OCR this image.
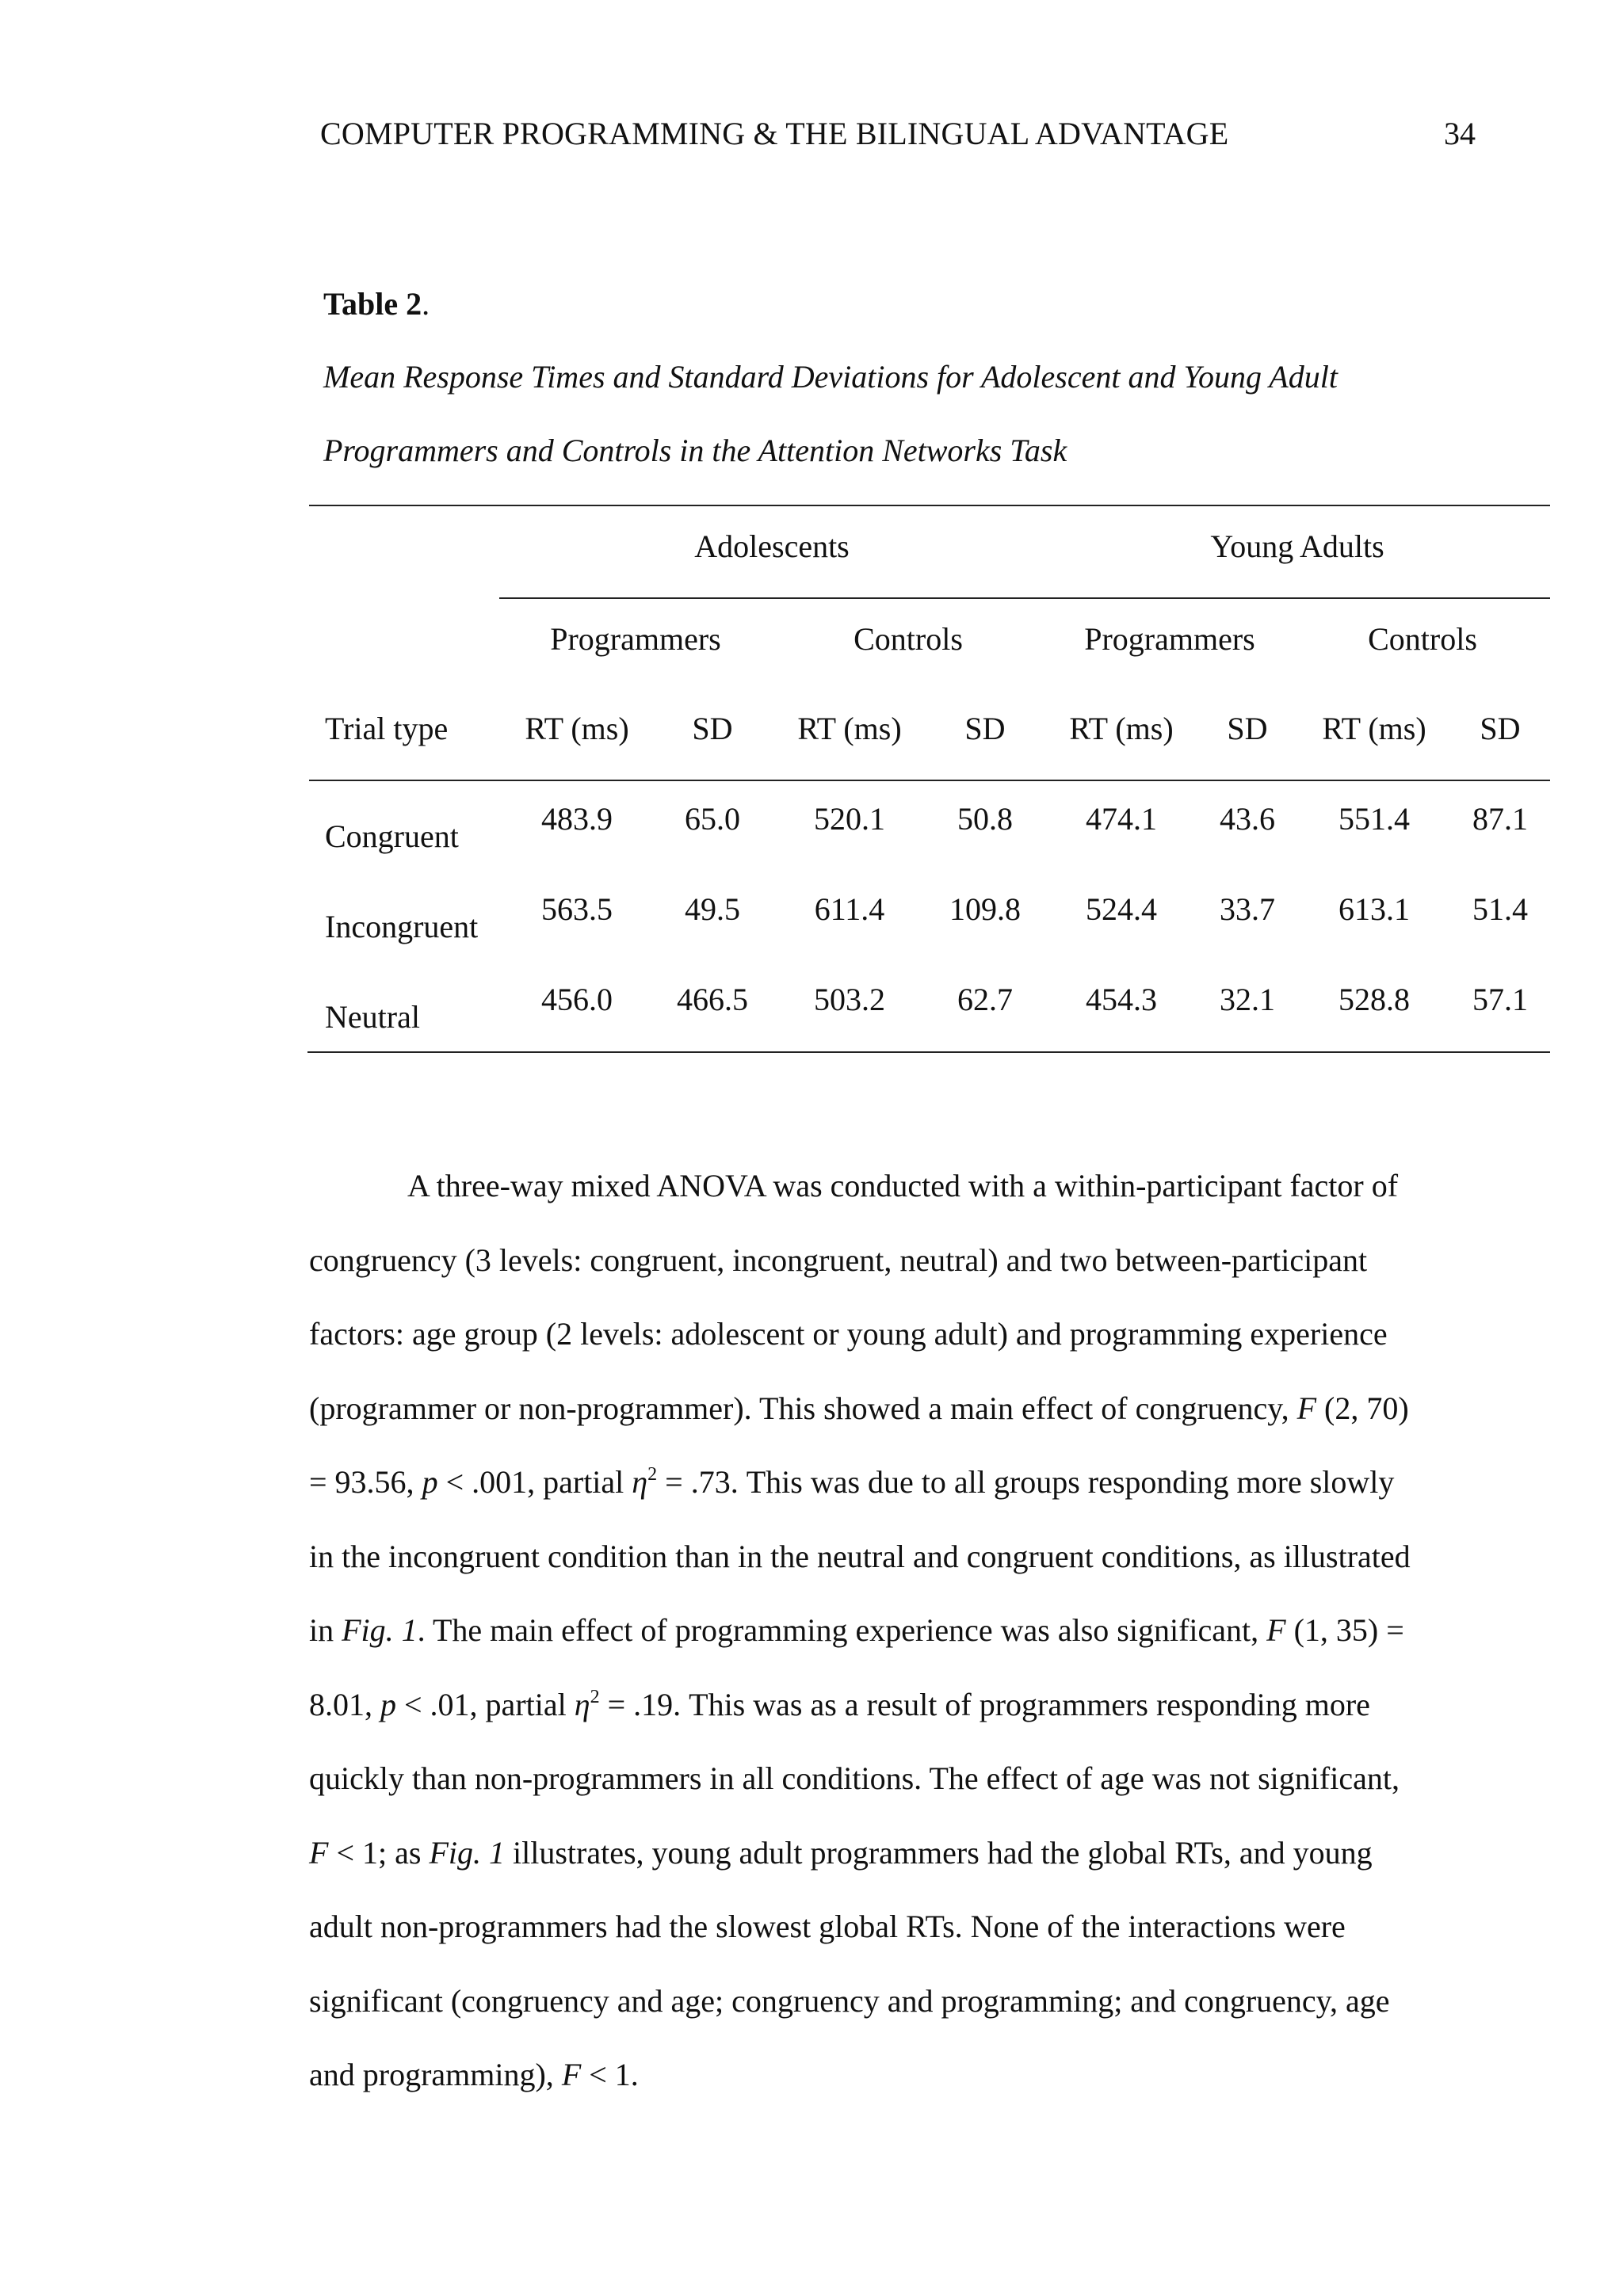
COMPUTER PROGRAMMING & THE BILINGUAL ADVANTAGE	34
Table 2.
Mean Response Times and Standard Deviations for Adolescent and Young Adult
Programmers and Controls in the Attention Networks Task
Adolescents	Young Adults
Programmers	Controls	Programmers	Controls
Trial type RT (ms) SD RT (ms) SD RT (ms) SD RT (ms) SD
Congruent	483.9 65.0 520.1 50.8 474.1 43.6 551.4 87.1
Incongruent 563.5 49.5 611.4 109.8 524.4 33.7 613.1 51.4
Neutral	456.0 466.5 503.2 62.7 454.3 32.1 528.8 57.1
A three-way mixed ANOVA was conducted with a within-participant factor of
congruency (3 levels: congruent, incongruent, neutral) and two between-participant
factors: age group (2 levels: adolescent or young adult) and programming experience
(programmer or non-programmer). This showed a main effect of congruency, F (2, 70)
= 93.56, p < .001, partial $\eta^2 = .73$. This was due to all groups responding more slowly
in the incongruent condition than in the neutral and congruent conditions, as illustrated
in Fig. 1. The main effect of programming experience was also significant, F (1, 35) =
8.01, p < .01, partial $\eta^2 = .19$. This was as a result of programmers responding more
quickly than non-programmers in all conditions. The effect of age was not significant,
F < 1; as Fig. 1 illustrates, young adult programmers had the global RTs, and young
adult non-programmers had the slowest global RTs. None of the interactions were
significant (congruency and age; congruency and programming; and congruency, age
and programming), F < 1.
